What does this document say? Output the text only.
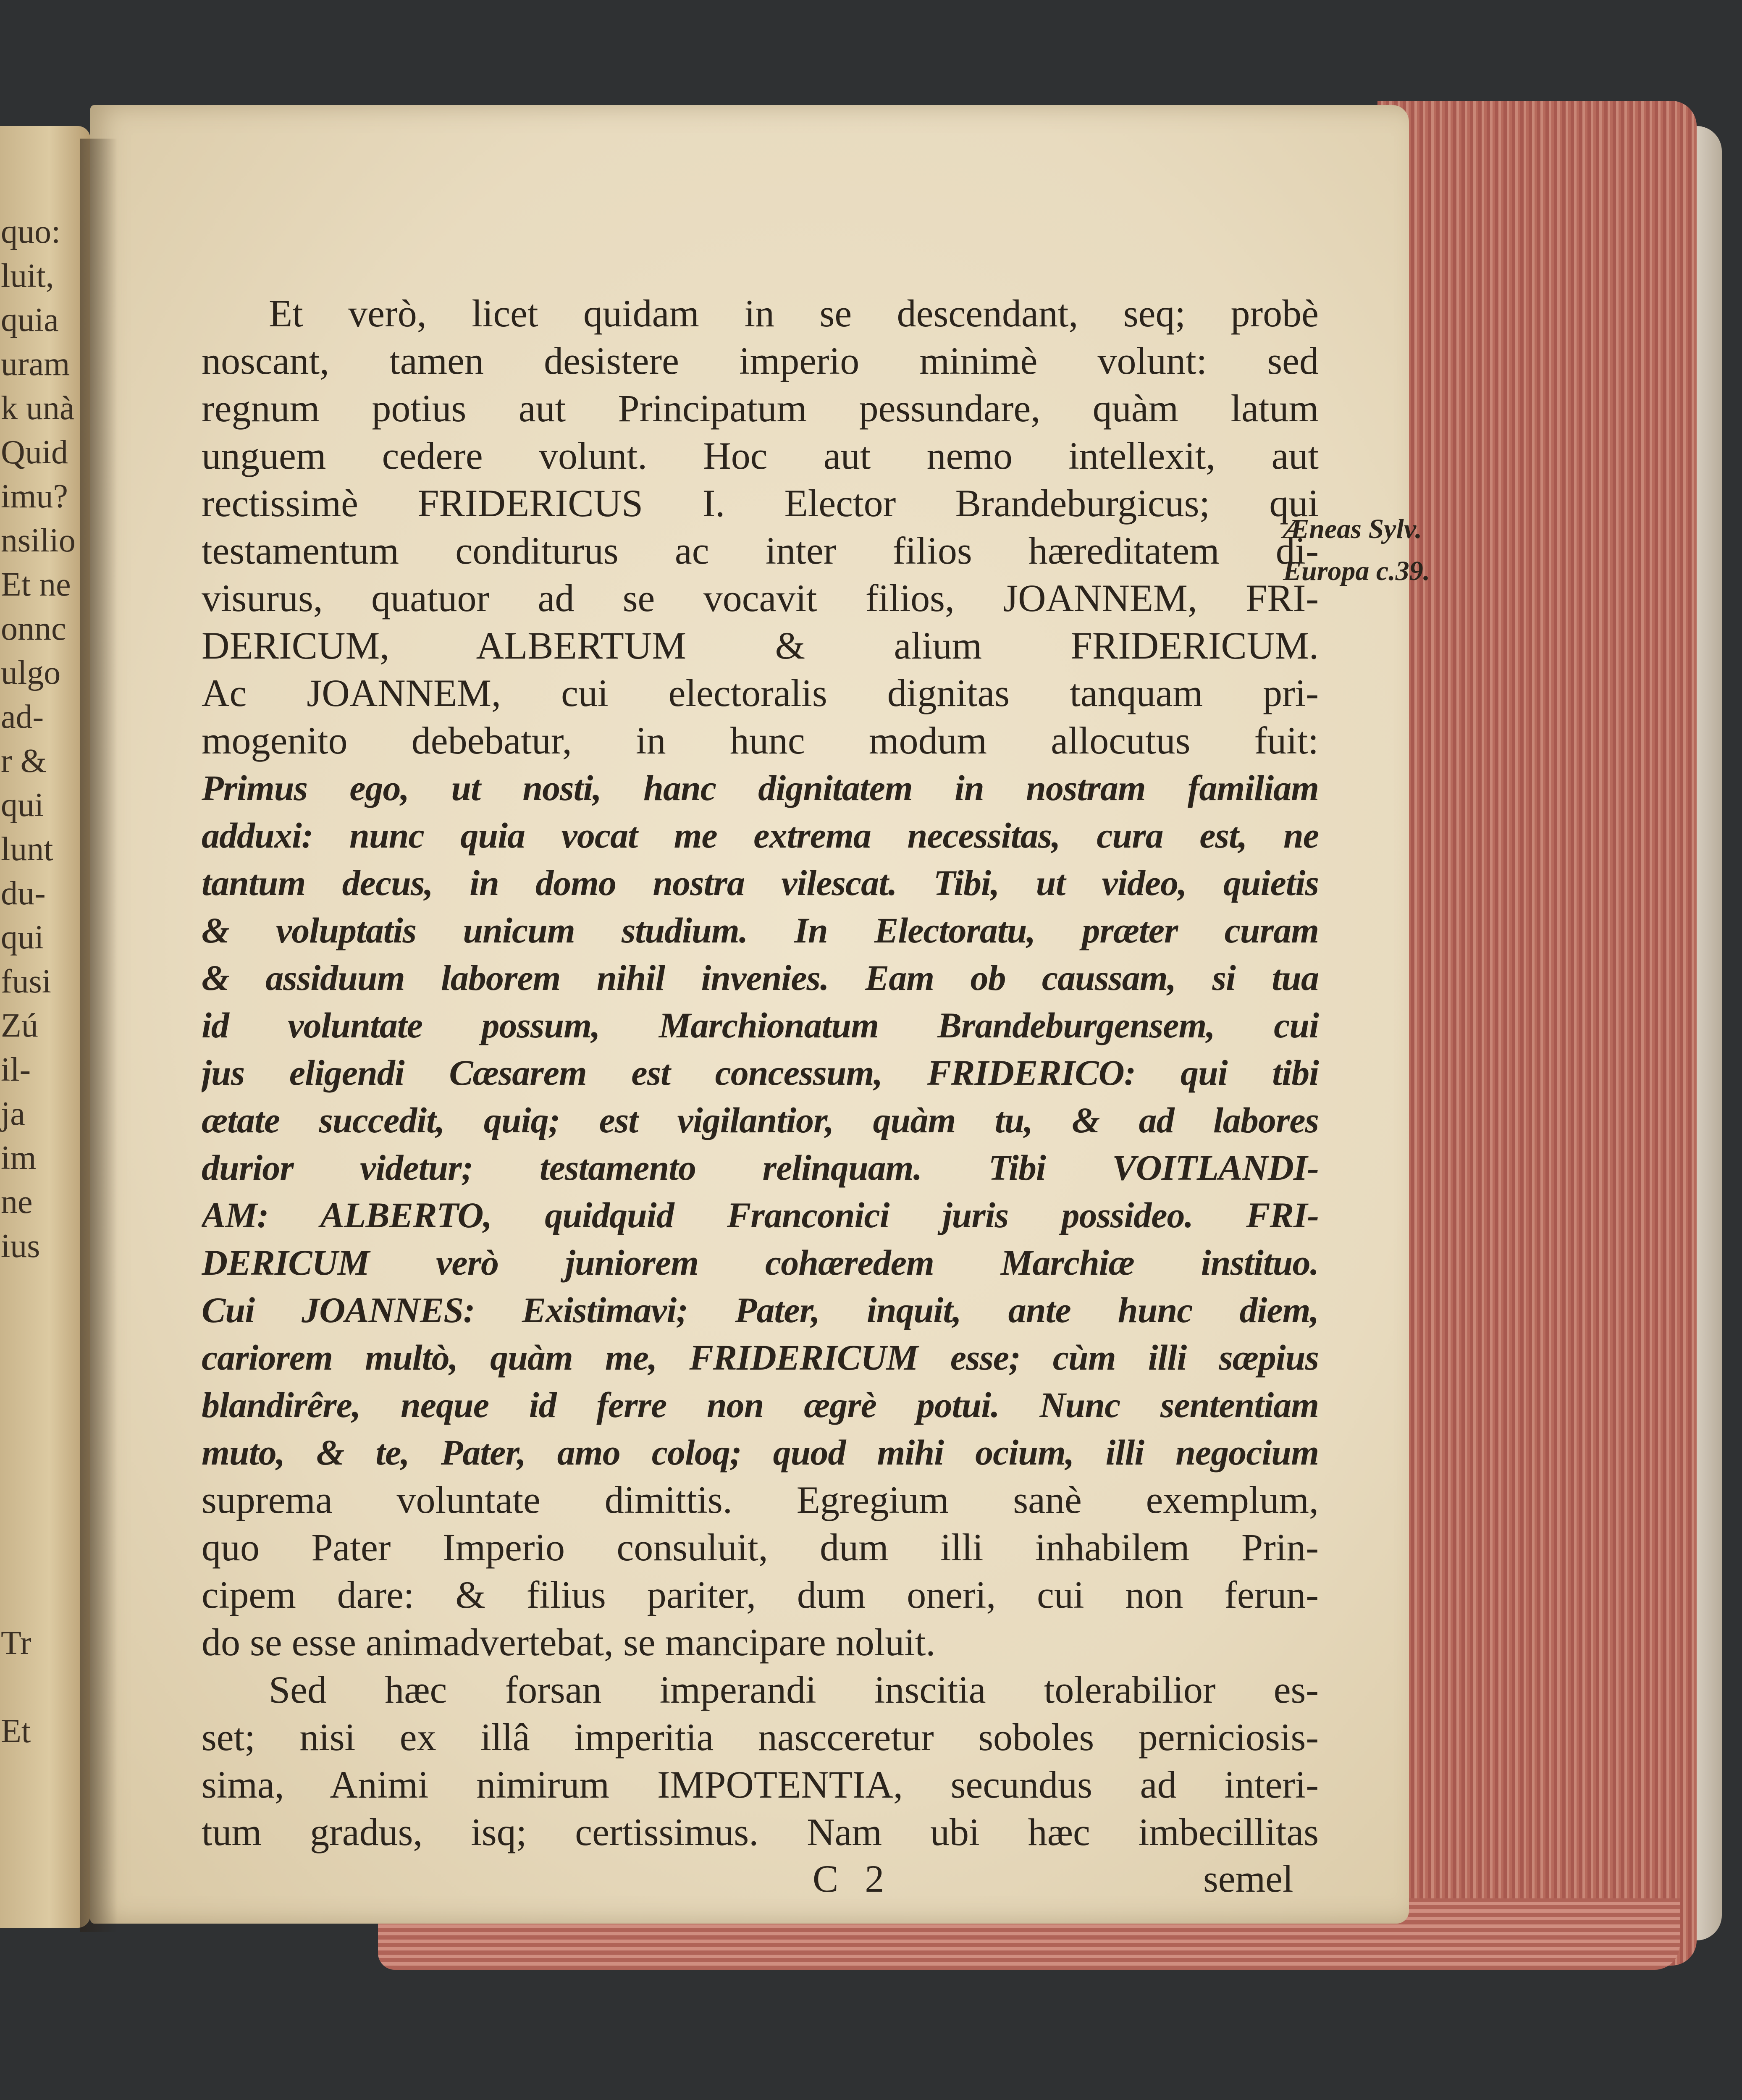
quo:
luit,
quia
uram
k unà
Quid
imu?
nsilio
Et ne
onnc
ulgo
ad-
r &
qui
lunt
du-
qui
fusi
Zú
il-
ja
im
ne
ius
Tr
Et
Et verò, licet quidam in se descendant, seq; probè
noscant, tamen desistere imperio minimè volunt: sed
regnum potius aut Principatum pessundare, quàm latum
unguem cedere volunt. Hoc aut nemo intellexit, aut
rectissimè FRIDERICUS I. Elector Brandeburgicus; qui
testamentum conditurus ac inter filios hæreditatem di-
visurus, quatuor ad se vocavit filios, JOANNEM, FRI-
DERICUM, ALBERTUM & alium FRIDERICUM.
Ac JOANNEM, cui electoralis dignitas tanquam pri-
mogenito debebatur, in hunc modum allocutus fuit:
Primus ego, ut nosti, hanc dignitatem in nostram familiam
adduxi: nunc quia vocat me extrema necessitas, cura est, ne
tantum decus, in domo nostra vilescat. Tibi, ut video, quietis
& voluptatis unicum studium. In Electoratu, præter curam
& assiduum laborem nihil invenies. Eam ob caussam, si tua
id voluntate possum, Marchionatum Brandeburgensem, cui
jus eligendi Cæsarem est concessum, FRIDERICO: qui tibi
ætate succedit, quiq; est vigilantior, quàm tu, & ad labores
durior videtur; testamento relinquam. Tibi VOITLANDI-
AM: ALBERTO, quidquid Franconici juris possideo. FRI-
DERICUM verò juniorem cohæredem Marchiæ instituo.
Cui JOANNES: Existimavi; Pater, inquit, ante hunc diem,
cariorem multò, quàm me, FRIDERICUM esse; cùm illi sæpius
blandirêre, neque id ferre non ægrè potui. Nunc sententiam
muto, & te, Pater, amo coloq; quod mihi ocium, illi negocium
suprema voluntate dimittis. Egregium sanè exemplum,
quo Pater Imperio consuluit, dum illi inhabilem Prin-
cipem dare: & filius pariter, dum oneri, cui non ferun-
do se esse animadvertebat, se mancipare noluit.
Sed hæc forsan imperandi inscitia tolerabilior es-
set; nisi ex illâ imperitia nascceretur soboles perniciosis-
sima, Animi nimirum IMPOTENTIA, secundus ad interi-
tum gradus, isq; certissimus. Nam ubi hæc imbecillitas
Æneas Sylv.
Europa c.39.
C 2	semel
